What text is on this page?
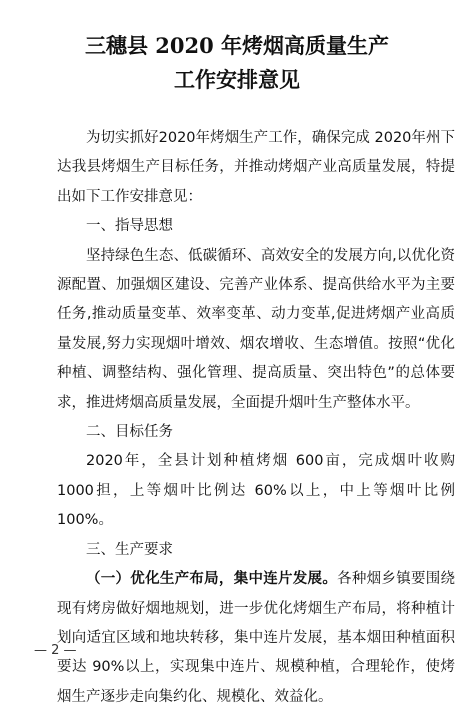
三穗县 2020 年烤烟高质量生产
工作安排意见

为切实抓好2020年烤烟生产工作，确保完成 2020年州下达我县烤烟生产目标任务，并推动烤烟产业高质量发展，特提出如下工作安排意见：

一、指导思想

坚持绿色生态、低碳循环、高效安全的发展方向,以优化资源配置、加强烟区建设、完善产业体系、提高供给水平为主要任务,推动质量变革、效率变革、动力变革,促进烤烟产业高质量发展,努力实现烟叶增效、烟农增收、生态增值。按照“优化种植、调整结构、强化管理、提高质量、突出特色”的总体要求，推进烤烟高质量发展，全面提升烟叶生产整体水平。

二、目标任务

2020年，全县计划种植烤烟 600亩，完成烟叶收购 1000担，上等烟叶比例达 60%以上，中上等烟叶比例 100%。

三、生产要求

（一）优化生产布局，集中连片发展。各种烟乡镇要围绕现有烤房做好烟地规划，进一步优化烤烟生产布局，将种植计划向适宜区域和地块转移，集中连片发展，基本烟田种植面积要达 90%以上，实现集中连片、规模种植，合理轮作，使烤烟生产逐步走向集约化、规模化、效益化。

— 2 —
